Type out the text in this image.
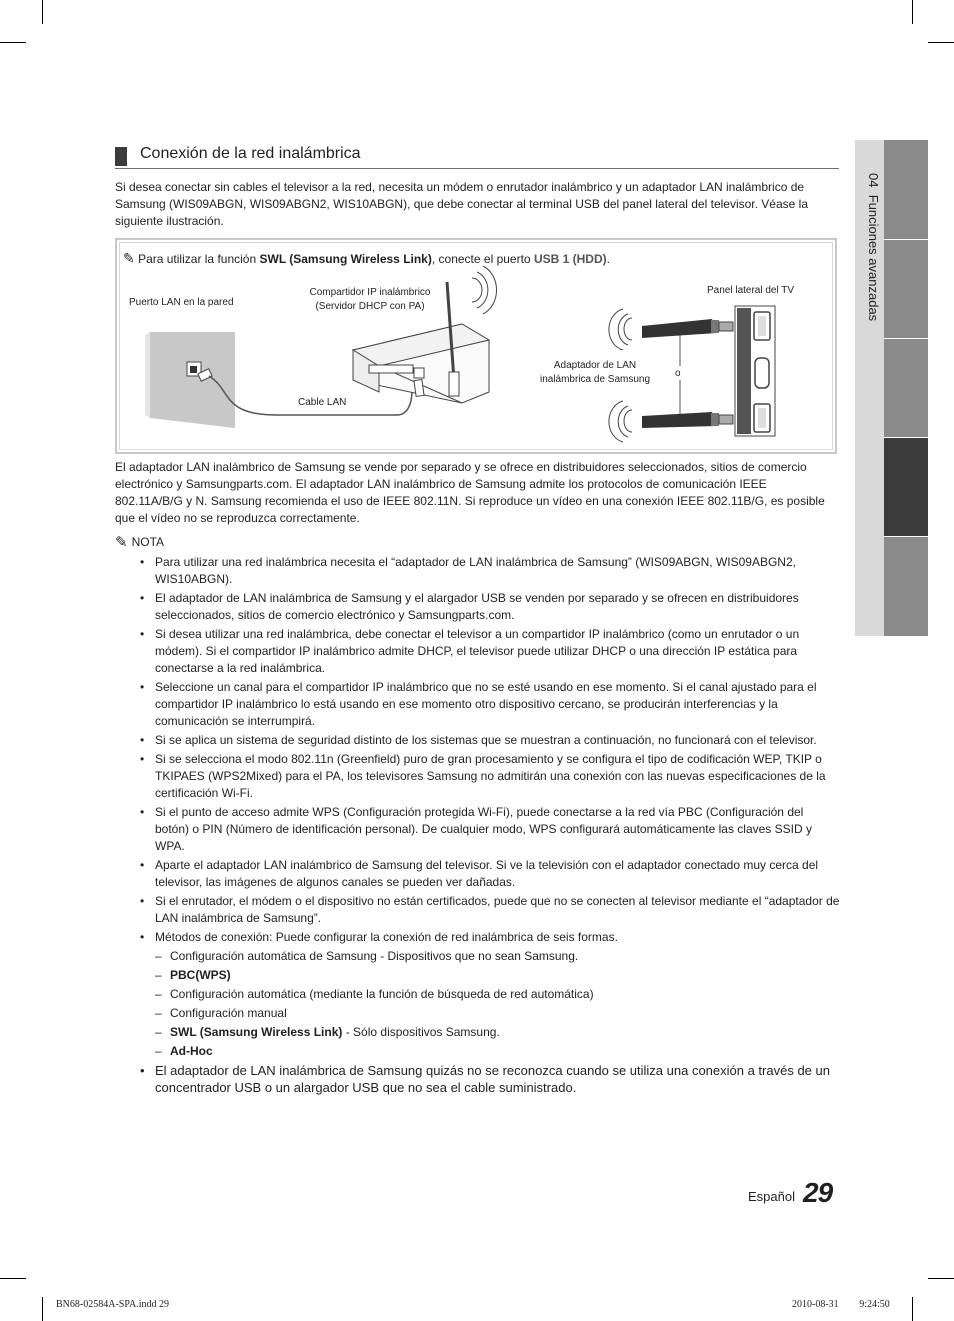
04  Funciones avanzadas
Conexión de la red inalámbrica

Si desea conectar sin cables el televisor a la red, necesita un módem o enrutador inalámbrico y un adaptador LAN inalámbrico de Samsung (WIS09ABGN, WIS09ABGN2, WIS10ABGN), que debe conectar al terminal USB del panel lateral del televisor. Véase la siguiente ilustración.

✎ Para utilizar la función SWL (Samsung Wireless Link), conecte el puerto USB 1 (HDD).
Puerto LAN en la pared
Compartidor IP inalámbrico
(Servidor DHCP con PA)
Cable LAN
Adaptador de LAN
inalámbrica de Samsung
o
Panel lateral del TV

El adaptador LAN inalámbrico de Samsung se vende por separado y se ofrece en distribuidores seleccionados, sitios de comercio electrónico y Samsungparts.com. El adaptador LAN inalámbrico de Samsung admite los protocolos de comunicación IEEE 802.11A/B/G y N. Samsung recomienda el uso de IEEE 802.11N. Si reproduce un vídeo en una conexión IEEE 802.11B/G, es posible que el vídeo no se reproduzca correctamente.

✎ NOTA
• Para utilizar una red inalámbrica necesita el “adaptador de LAN inalámbrica de Samsung” (WIS09ABGN, WIS09ABGN2, WIS10ABGN).
• El adaptador de LAN inalámbrica de Samsung y el alargador USB se venden por separado y se ofrecen en distribuidores seleccionados, sitios de comercio electrónico y Samsungparts.com.
• Si desea utilizar una red inalámbrica, debe conectar el televisor a un compartidor IP inalámbrico (como un enrutador o un módem). Si el compartidor IP inalámbrico admite DHCP, el televisor puede utilizar DHCP o una dirección IP estática para conectarse a la red inalámbrica.
• Seleccione un canal para el compartidor IP inalámbrico que no se esté usando en ese momento. Si el canal ajustado para el compartidor IP inalámbrico lo está usando en ese momento otro dispositivo cercano, se producirán interferencias y la comunicación se interrumpirá.
• Si se aplica un sistema de seguridad distinto de los sistemas que se muestran a continuación, no funcionará con el televisor.
• Si se selecciona el modo 802.11n (Greenfield) puro de gran procesamiento y se configura el tipo de codificación WEP, TKIP o TKIPAES (WPS2Mixed) para el PA, los televisores Samsung no admitirán una conexión con las nuevas especificaciones de la certificación Wi-Fi.
• Si el punto de acceso admite WPS (Configuración protegida Wi-Fi), puede conectarse a la red vía PBC (Configuración del botón) o PIN (Número de identificación personal). De cualquier modo, WPS configurará automáticamente las claves SSID y WPA.
• Aparte el adaptador LAN inalámbrico de Samsung del televisor. Si ve la televisión con el adaptador conectado muy cerca del televisor, las imágenes de algunos canales se pueden ver dañadas.
• Si el enrutador, el módem o el dispositivo no están certificados, puede que no se conecten al televisor mediante el “adaptador de LAN inalámbrica de Samsung”.
• Métodos de conexión: Puede configurar la conexión de red inalámbrica de seis formas.
– Configuración automática de Samsung - Dispositivos que no sean Samsung.
– PBC(WPS)
– Configuración automática (mediante la función de búsqueda de red automática)
– Configuración manual
– SWL (Samsung Wireless Link) - Sólo dispositivos Samsung.
– Ad-Hoc
• El adaptador de LAN inalámbrica de Samsung quizás no se reconozca cuando se utiliza una conexión a través de un concentrador USB o un alargador USB que no sea el cable suministrado.
Español 29
BN68-02584A-SPA.indd 29	2010-08-31 ￿￿ 9:24:50
